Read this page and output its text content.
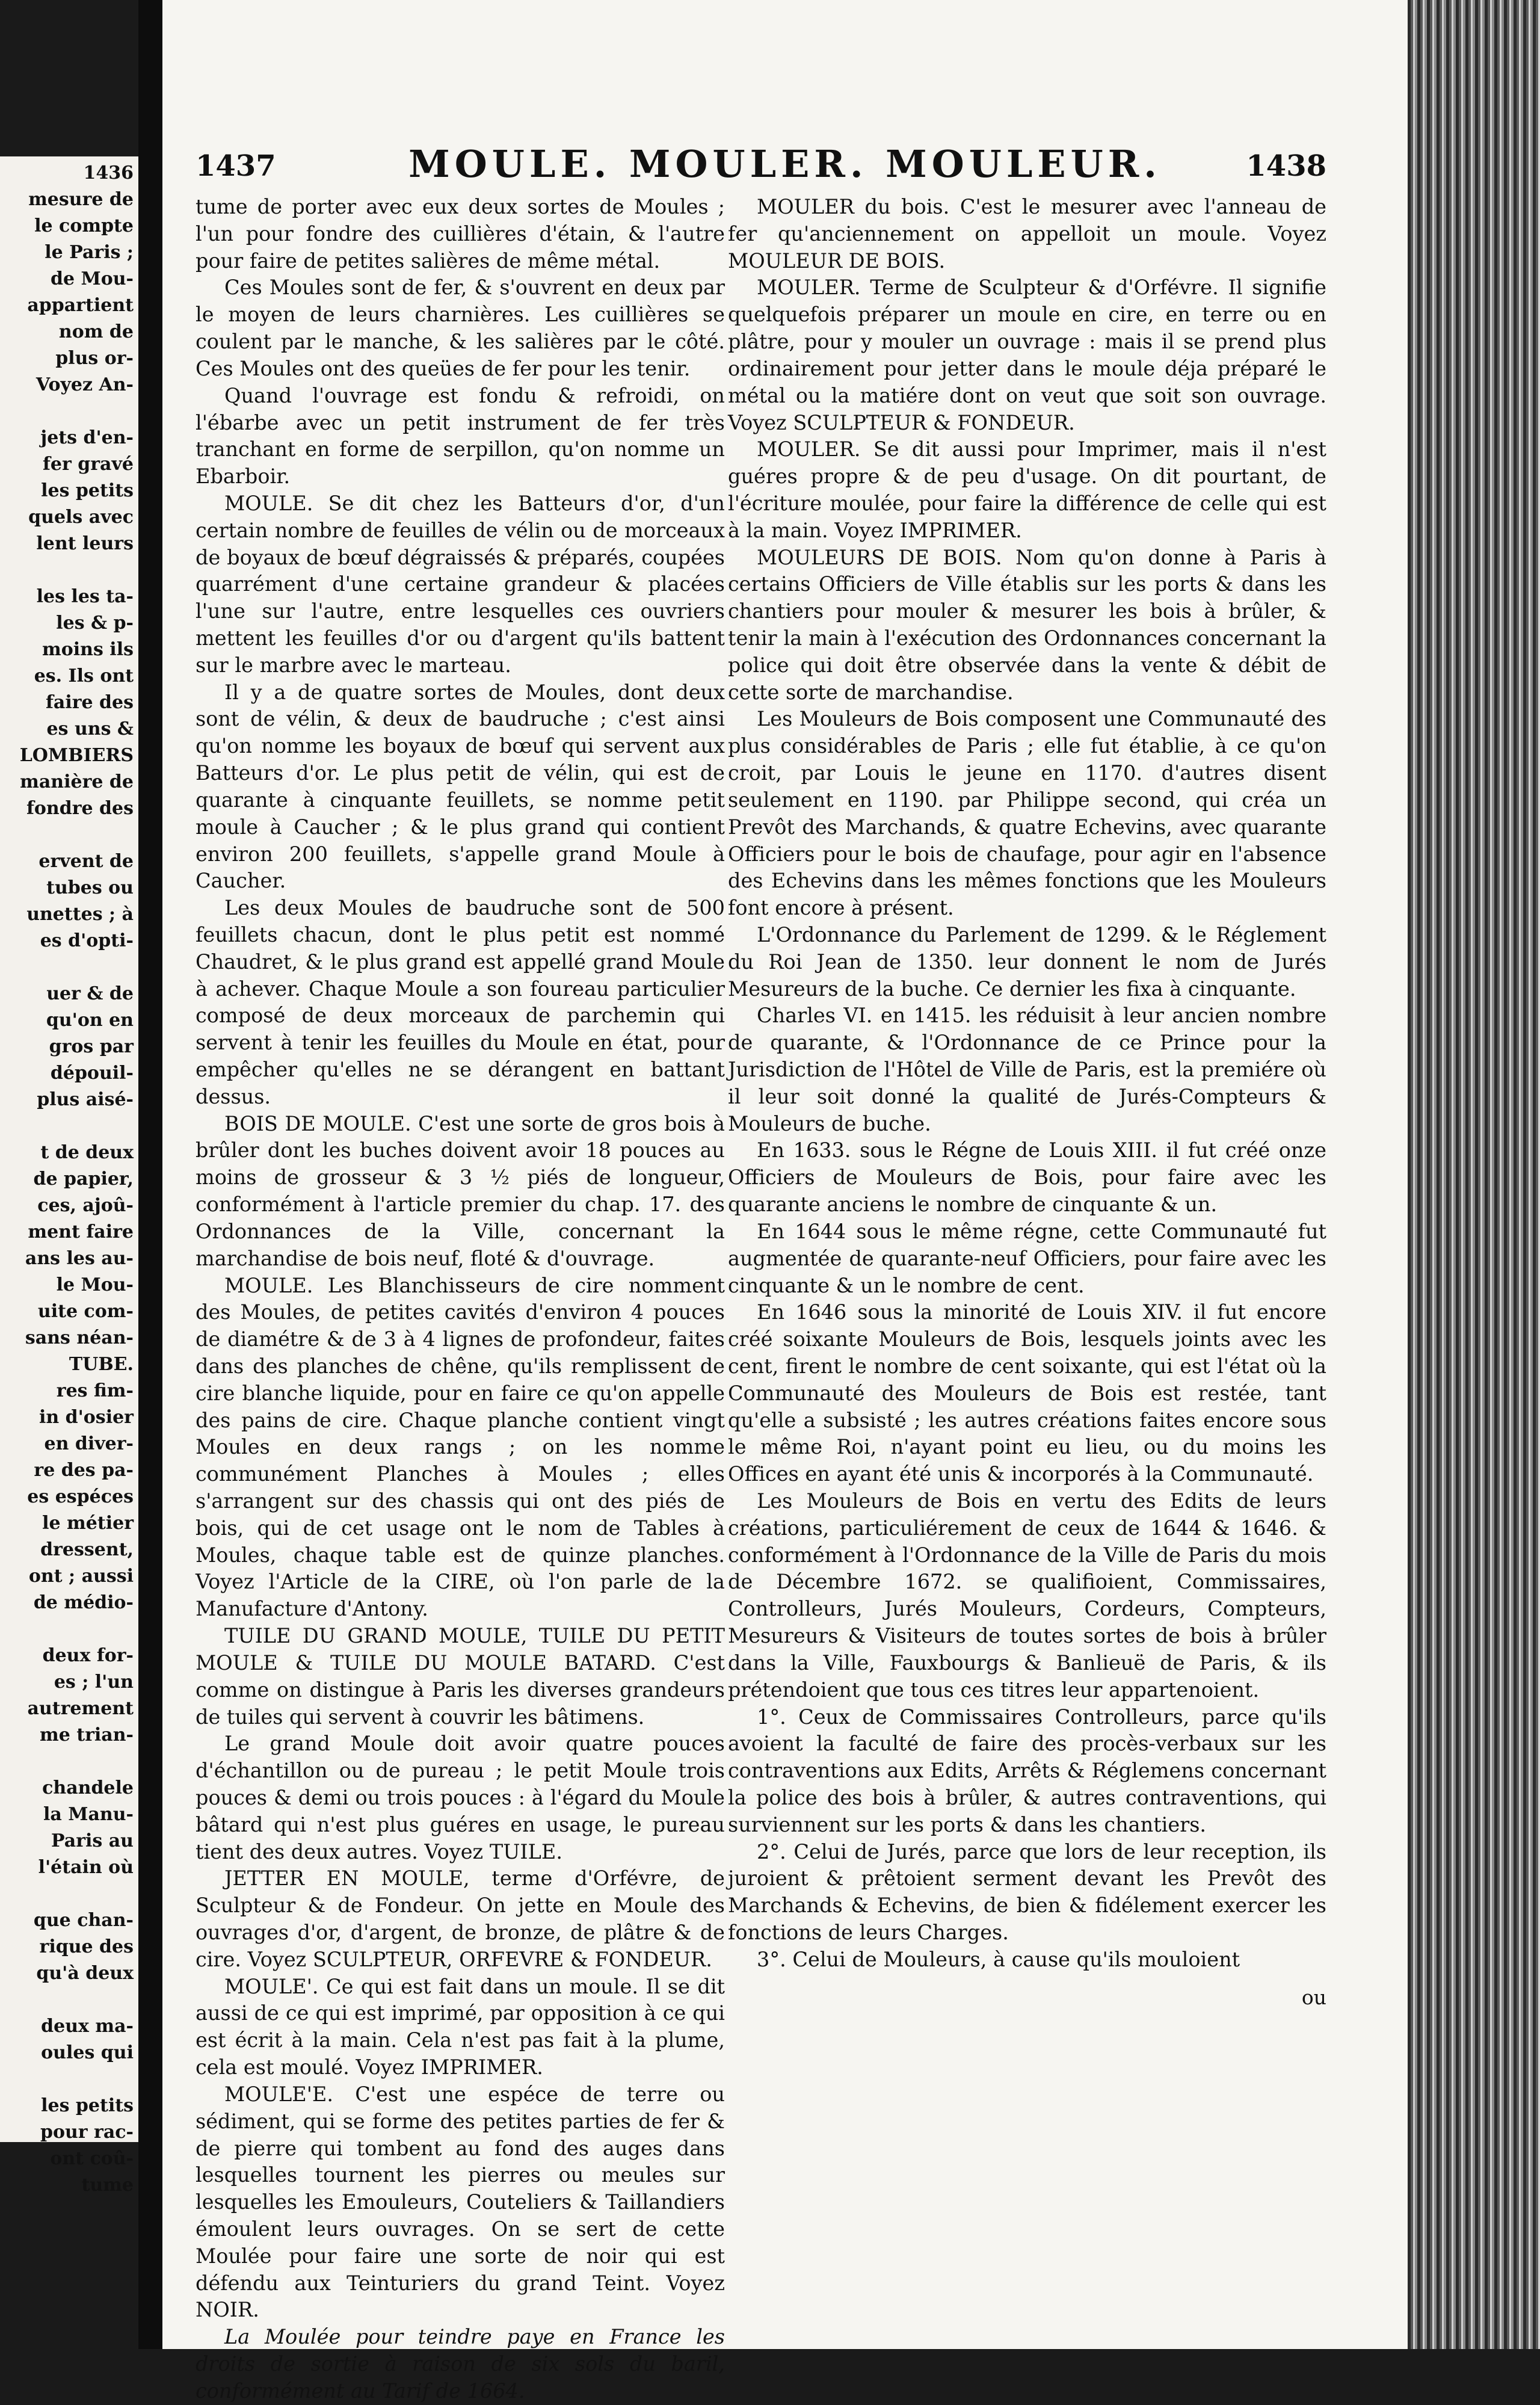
1436
mesure de
le compte
le Paris ;
de Mou-
appartient
nom de
plus or-
Voyez An-
jets d'en-
fer gravé
les petits
quels avec
lent leurs
les les ta-
les & p-
moins ils
es. Ils ont
faire des
es uns &
LOMBIERS
manière de
fondre des
ervent de
tubes ou
unettes ; à
es d'opti-
uer & de
qu'on en
gros par
dépouil-
plus aisé-
t de deux
de papier,
ces, ajoû-
ment faire
ans les au-
le Mou-
uite com-
sans néan-
TUBE.
res fim-
in d'osier
en diver-
re des pa-
es espéces
le métier
dressent,
ont ; aussi
de médio-
deux for-
es ; l'un
autrement
me trian-
chandele
la Manu-
Paris au
l'étain où
que chan-
rique des
qu'à deux
deux ma-
oules qui
les petits
pour rac-
ont coû-
tume
1437	MOULE. MOULER. MOULEUR.	1438

tume de porter avec eux deux sortes de Moules ; l'un pour fondre des cuillières d'étain, & l'autre pour faire de petites salières de même métal.

Ces Moules sont de fer, & s'ouvrent en deux par le moyen de leurs charnières. Les cuillières se coulent par le manche, & les salières par le côté. Ces Moules ont des queües de fer pour les tenir.

Quand l'ouvrage est fondu & refroidi, on l'ébarbe avec un petit instrument de fer très tranchant en forme de serpillon, qu'on nomme un Ebarboir.

MOULE. Se dit chez les Batteurs d'or, d'un certain nombre de feuilles de vélin ou de morceaux de boyaux de bœuf dégraissés & préparés, coupées quarrément d'une certaine grandeur & placées l'une sur l'autre, entre lesquelles ces ouvriers mettent les feuilles d'or ou d'argent qu'ils battent sur le marbre avec le marteau.

Il y a de quatre sortes de Moules, dont deux sont de vélin, & deux de baudruche ; c'est ainsi qu'on nomme les boyaux de bœuf qui servent aux Batteurs d'or. Le plus petit de vélin, qui est de quarante à cinquante feuillets, se nomme petit moule à Caucher ; & le plus grand qui contient environ 200 feuillets, s'appelle grand Moule à Caucher.

Les deux Moules de baudruche sont de 500 feuillets chacun, dont le plus petit est nommé Chaudret, & le plus grand est appellé grand Moule à achever. Chaque Moule a son foureau particulier composé de deux morceaux de parchemin qui servent à tenir les feuilles du Moule en état, pour empêcher qu'elles ne se dérangent en battant dessus.

BOIS DE MOULE. C'est une sorte de gros bois à brûler dont les buches doivent avoir 18 pouces au moins de grosseur & 3 ½ piés de longueur, conformément à l'article premier du chap. 17. des Ordonnances de la Ville, concernant la marchandise de bois neuf, floté & d'ouvrage.

MOULE. Les Blanchisseurs de cire nomment des Moules, de petites cavités d'environ 4 pouces de diamétre & de 3 à 4 lignes de profondeur, faites dans des planches de chêne, qu'ils remplissent de cire blanche liquide, pour en faire ce qu'on appelle des pains de cire. Chaque planche contient vingt Moules en deux rangs ; on les nomme communément Planches à Moules ; elles s'arrangent sur des chassis qui ont des piés de bois, qui de cet usage ont le nom de Tables à Moules, chaque table est de quinze planches. Voyez l'Article de la CIRE, où l'on parle de la Manufacture d'Antony.

TUILE DU GRAND MOULE, TUILE DU PETIT MOULE & TUILE DU MOULE BATARD. C'est comme on distingue à Paris les diverses grandeurs de tuiles qui servent à couvrir les bâtimens.

Le grand Moule doit avoir quatre pouces d'échantillon ou de pureau ; le petit Moule trois pouces & demi ou trois pouces : à l'égard du Moule bâtard qui n'est plus guéres en usage, le pureau tient des deux autres. Voyez TUILE.

JETTER EN MOULE, terme d'Orfévre, de Sculpteur & de Fondeur. On jette en Moule des ouvrages d'or, d'argent, de bronze, de plâtre & de cire. Voyez SCULPTEUR, ORFEVRE & FONDEUR.

MOULE'. Ce qui est fait dans un moule. Il se dit aussi de ce qui est imprimé, par opposition à ce qui est écrit à la main. Cela n'est pas fait à la plume, cela est moulé. Voyez IMPRIMER.

MOULE'E. C'est une espéce de terre ou sédiment, qui se forme des petites parties de fer & de pierre qui tombent au fond des auges dans lesquelles tournent les pierres ou meules sur lesquelles les Emouleurs, Couteliers & Taillandiers émoulent leurs ouvrages. On se sert de cette Moulée pour faire une sorte de noir qui est défendu aux Teinturiers du grand Teint. Voyez NOIR.

La Moulée pour teindre paye en France les droits de sortie à raison de six sols du baril, conformément au Tarif de 1664.

MOULER du bois. C'est le mesurer avec l'anneau de fer qu'anciennement on appelloit un moule. Voyez MOULEUR DE BOIS.

MOULER. Terme de Sculpteur & d'Orfévre. Il signifie quelquefois préparer un moule en cire, en terre ou en plâtre, pour y mouler un ouvrage : mais il se prend plus ordinairement pour jetter dans le moule déja préparé le métal ou la matiére dont on veut que soit son ouvrage. Voyez SCULPTEUR & FONDEUR.

MOULER. Se dit aussi pour Imprimer, mais il n'est guéres propre & de peu d'usage. On dit pourtant, de l'écriture moulée, pour faire la différence de celle qui est à la main. Voyez IMPRIMER.

MOULEURS DE BOIS. Nom qu'on donne à Paris à certains Officiers de Ville établis sur les ports & dans les chantiers pour mouler & mesurer les bois à brûler, & tenir la main à l'exécution des Ordonnances concernant la police qui doit être observée dans la vente & débit de cette sorte de marchandise.

Les Mouleurs de Bois composent une Communauté des plus considérables de Paris ; elle fut établie, à ce qu'on croit, par Louis le jeune en 1170. d'autres disent seulement en 1190. par Philippe second, qui créa un Prevôt des Marchands, & quatre Echevins, avec quarante Officiers pour le bois de chaufage, pour agir en l'absence des Echevins dans les mêmes fonctions que les Mouleurs font encore à présent.

L'Ordonnance du Parlement de 1299. & le Réglement du Roi Jean de 1350. leur donnent le nom de Jurés Mesureurs de la buche. Ce dernier les fixa à cinquante.

Charles VI. en 1415. les réduisit à leur ancien nombre de quarante, & l'Ordonnance de ce Prince pour la Jurisdiction de l'Hôtel de Ville de Paris, est la premiére où il leur soit donné la qualité de Jurés-Compteurs & Mouleurs de buche.

En 1633. sous le Régne de Louis XIII. il fut créé onze Officiers de Mouleurs de Bois, pour faire avec les quarante anciens le nombre de cinquante & un.

En 1644 sous le même régne, cette Communauté fut augmentée de quarante-neuf Officiers, pour faire avec les cinquante & un le nombre de cent.

En 1646 sous la minorité de Louis XIV. il fut encore créé soixante Mouleurs de Bois, lesquels joints avec les cent, firent le nombre de cent soixante, qui est l'état où la Communauté des Mouleurs de Bois est restée, tant qu'elle a subsisté ; les autres créations faites encore sous le même Roi, n'ayant point eu lieu, ou du moins les Offices en ayant été unis & incorporés à la Communauté.

Les Mouleurs de Bois en vertu des Edits de leurs créations, particuliérement de ceux de 1644 & 1646. & conformément à l'Ordonnance de la Ville de Paris du mois de Décembre 1672. se qualifioient, Commissaires, Controlleurs, Jurés Mouleurs, Cordeurs, Compteurs, Mesureurs & Visiteurs de toutes sortes de bois à brûler dans la Ville, Fauxbourgs & Banlieuë de Paris, & ils prétendoient que tous ces titres leur appartenoient.

1°. Ceux de Commissaires Controlleurs, parce qu'ils avoient la faculté de faire des procès-verbaux sur les contraventions aux Edits, Arrêts & Réglemens concernant la police des bois à brûler, & autres contraventions, qui surviennent sur les ports & dans les chantiers.

2°. Celui de Jurés, parce que lors de leur reception, ils juroient & prêtoient serment devant les Prevôt des Marchands & Echevins, de bien & fidélement exercer les fonctions de leurs Charges.

3°. Celui de Mouleurs, à cause qu'ils mouloient

ou
